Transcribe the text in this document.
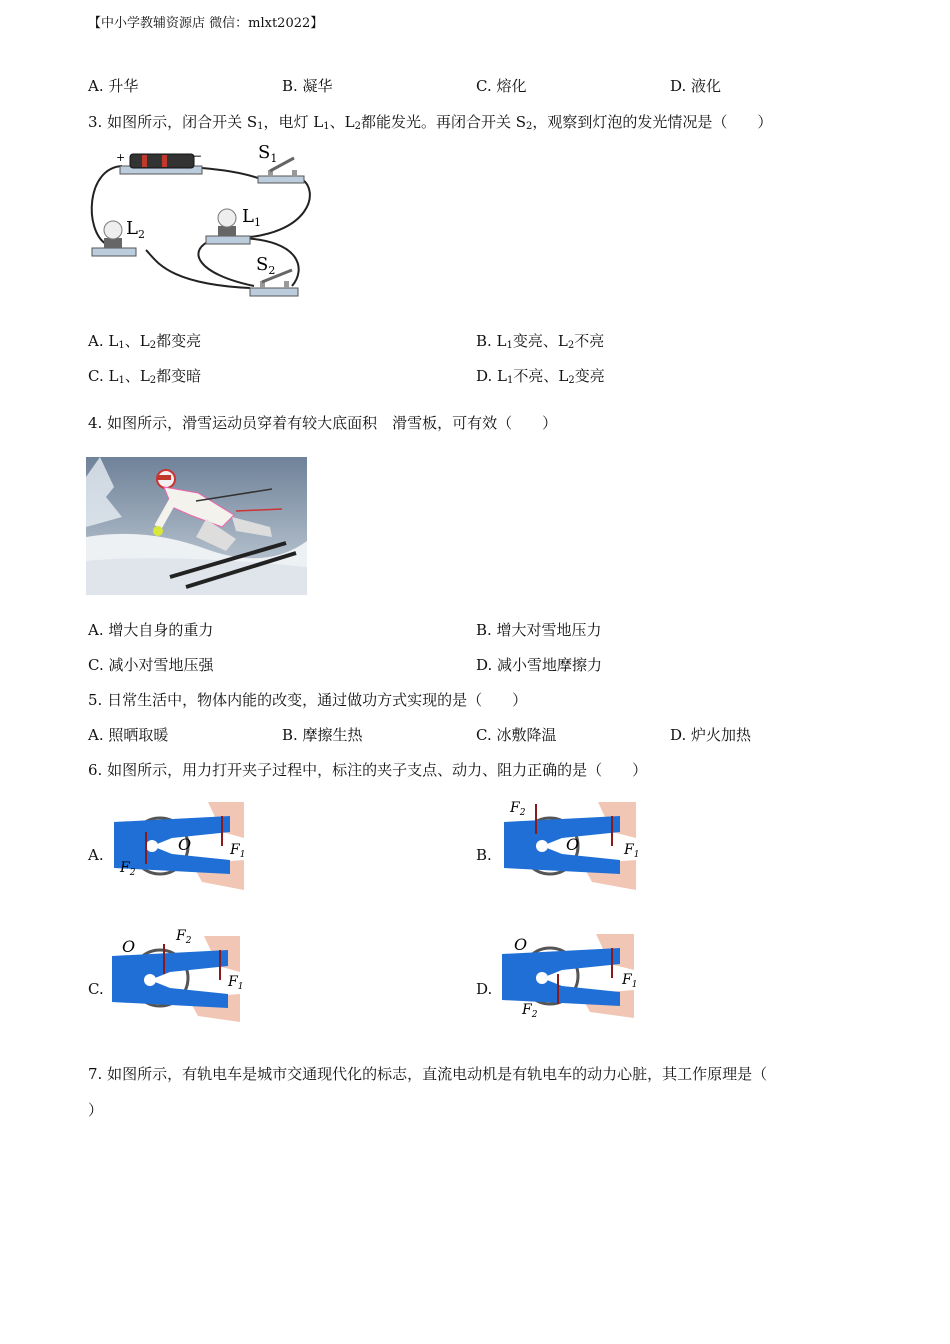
【中小学教辅资源店 微信：mlxt2022】
A. 升华	B. 凝华	C. 熔化	D. 液化
3. 如图所示，闭合开关 $S_1$，电灯 $L_1$、$L_2$都能发光。再闭合开关 $S_2$，观察到灯泡的发光情况是（　　）
+	−	$S_1$
$L_2$
$L_1$
$S_2$
A. $L_1$、$L_2$都变亮	B. $L_1$变亮、$L_2$不亮
C. $L_1$、$L_2$都变暗	D. $L_1$不亮、$L_2$变亮
4. 如图所示，滑雪运动员穿着有较大底面积　滑雪板，可有效（　　）
A. 增大自身的重力	B. 增大对雪地压力
C. 减小对雪地压强	D. 减小雪地摩擦力
5. 日常生活中，物体内能的改变，通过做功方式实现的是（　　）
A. 照晒取暖	B. 摩擦生热	C. 冰敷降温	D. 炉火加热
6. 如图所示，用力打开夹子过程中，标注的夹子支点、动力、阻力正确的是（　　）
A.	B.
C.	D.
O	$F_1$
$F_2$
O
$F_2$
$F_1$
O
$F_2$
$F_1$
O
$F_1$
$F_2$
7. 如图所示，有轨电车是城市交通现代化的标志，直流电动机是有轨电车的动力心脏，其工作原理是（
）
